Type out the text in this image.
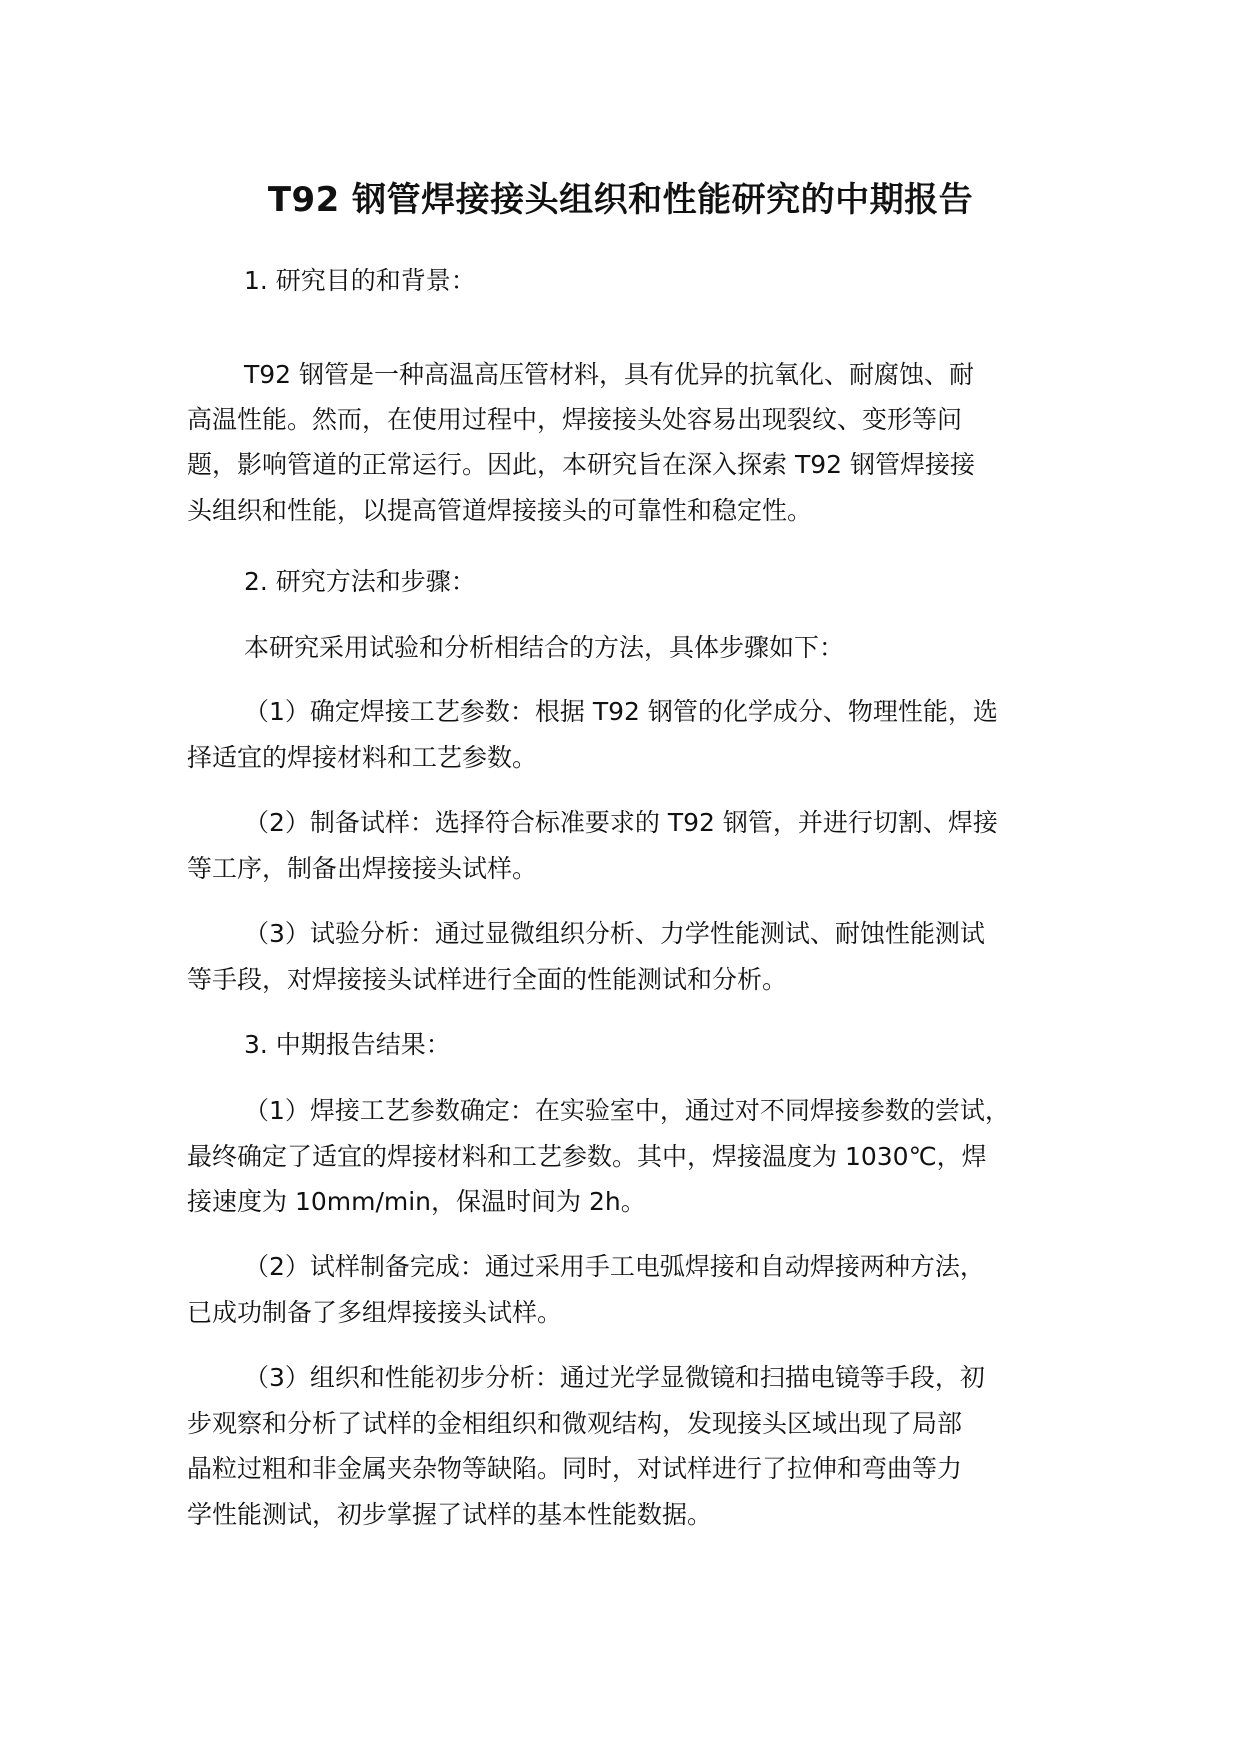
T92 钢管焊接接头组织和性能研究的中期报告
1. 研究目的和背景：
T92 钢管是一种高温高压管材料，具有优异的抗氧化、耐腐蚀、耐
高温性能。然而，在使用过程中，焊接接头处容易出现裂纹、变形等问
题，影响管道的正常运行。因此，本研究旨在深入探索 T92 钢管焊接接
头组织和性能，以提高管道焊接接头的可靠性和稳定性。
2. 研究方法和步骤：
本研究采用试验和分析相结合的方法，具体步骤如下：
（1）确定焊接工艺参数：根据 T92 钢管的化学成分、物理性能，选
择适宜的焊接材料和工艺参数。
（2）制备试样：选择符合标准要求的 T92 钢管，并进行切割、焊接
等工序，制备出焊接接头试样。
（3）试验分析：通过显微组织分析、力学性能测试、耐蚀性能测试
等手段，对焊接接头试样进行全面的性能测试和分析。
3. 中期报告结果：
（1）焊接工艺参数确定：在实验室中，通过对不同焊接参数的尝试，
最终确定了适宜的焊接材料和工艺参数。其中，焊接温度为 1030℃，焊
接速度为 10mm/min，保温时间为 2h。
（2）试样制备完成：通过采用手工电弧焊接和自动焊接两种方法，
已成功制备了多组焊接接头试样。
（3）组织和性能初步分析：通过光学显微镜和扫描电镜等手段，初
步观察和分析了试样的金相组织和微观结构，发现接头区域出现了局部
晶粒过粗和非金属夹杂物等缺陷。同时，对试样进行了拉伸和弯曲等力
学性能测试，初步掌握了试样的基本性能数据。
